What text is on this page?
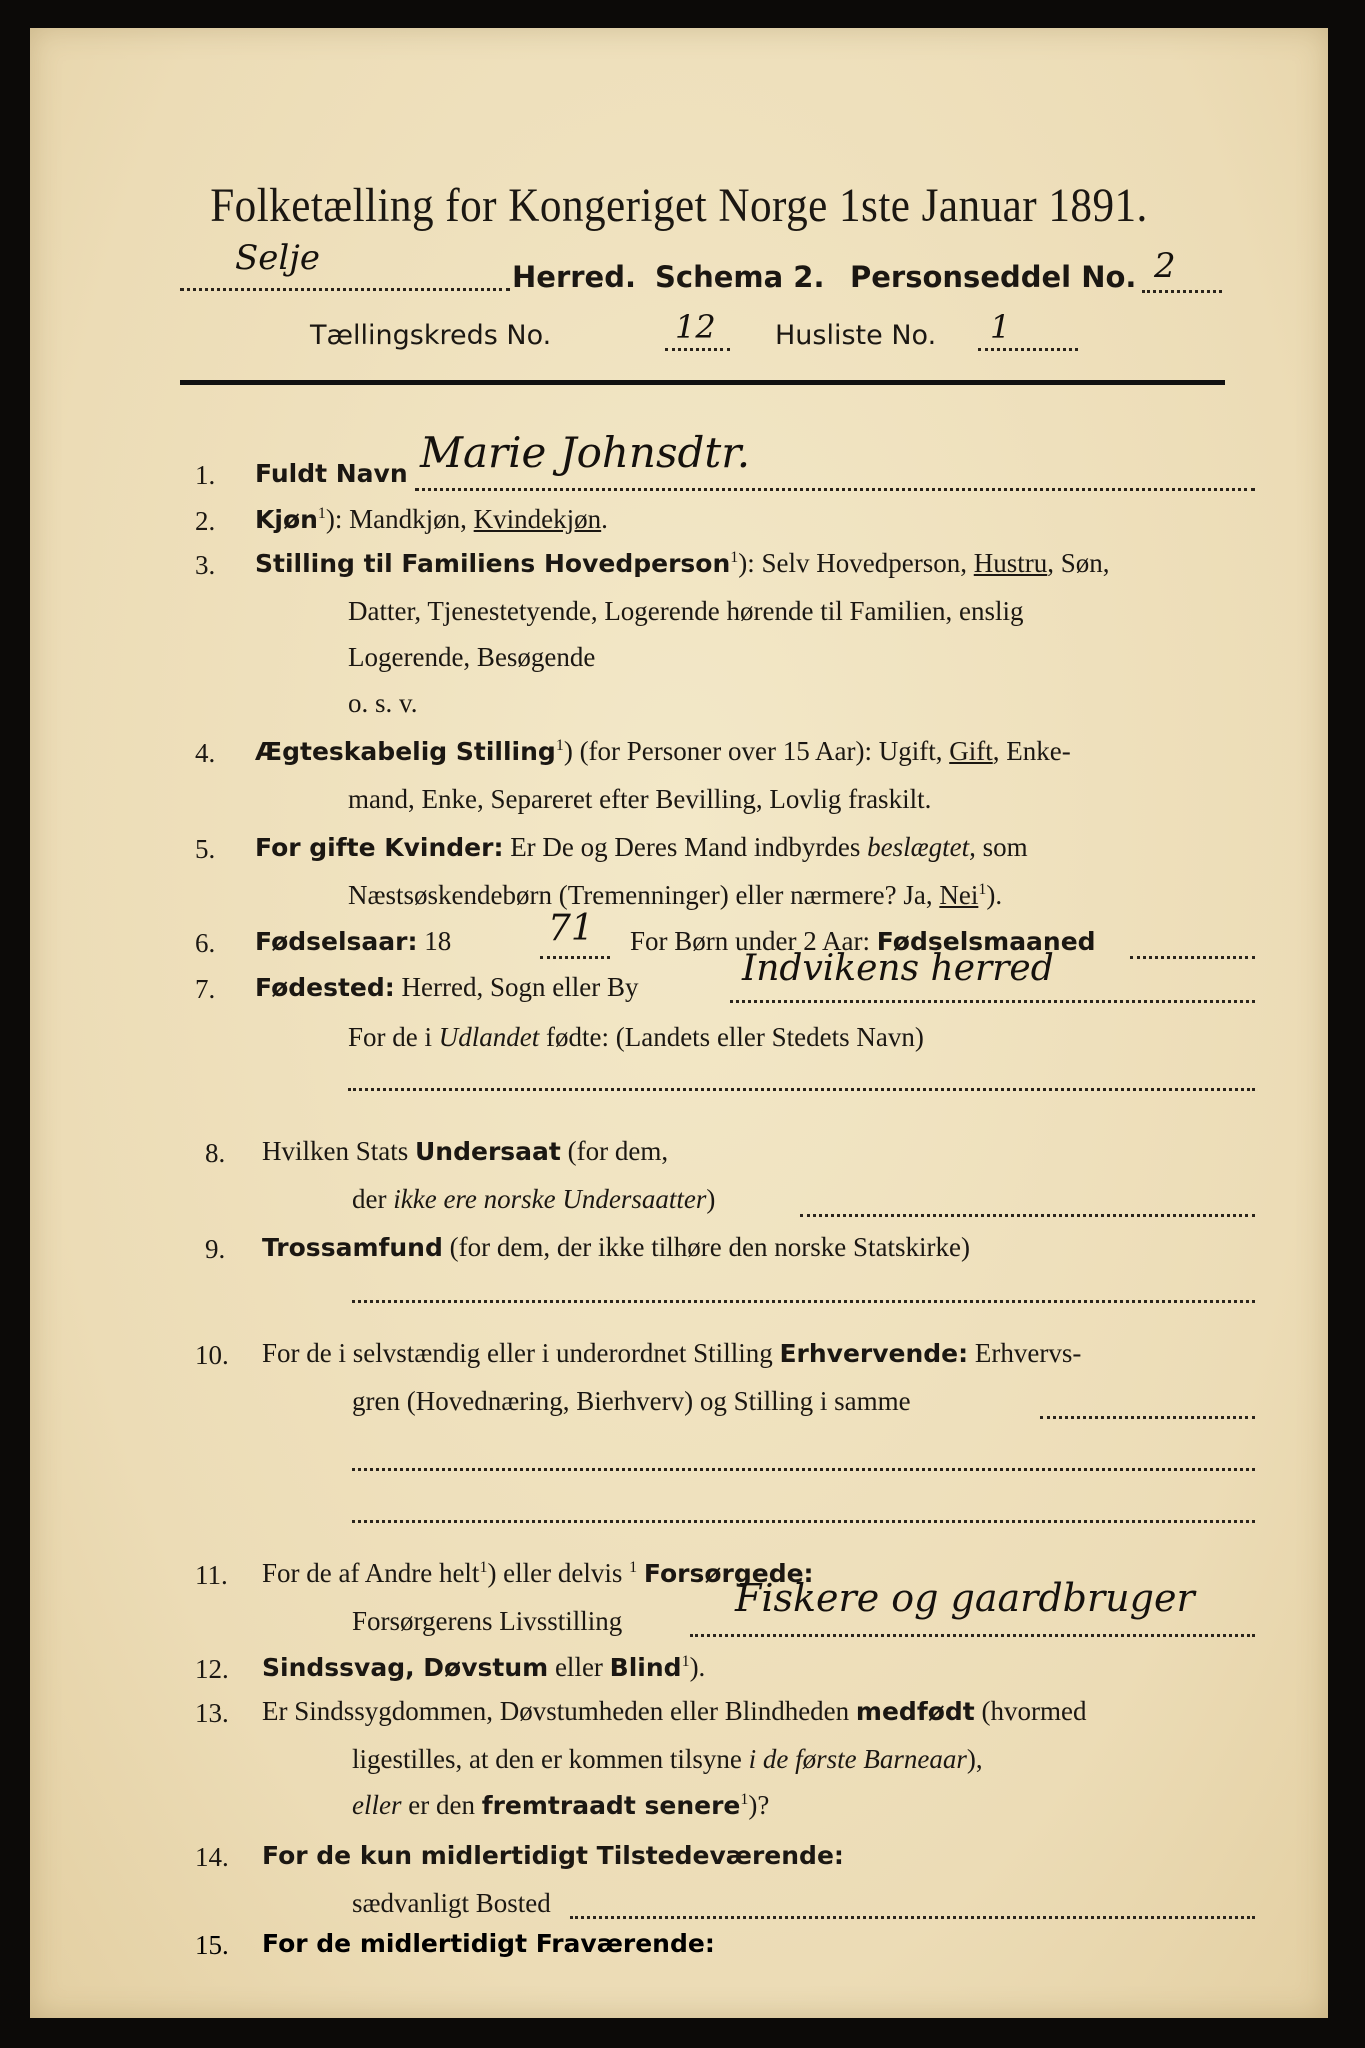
Folketælling for Kongeriget Norge 1ste Januar 1891.
Selje	Herred. Schema 2. Personseddel No. 2
Tællingskreds No.	12 Husliste No. 1
1. Fuldt Navn Marie Johnsdtr.
2. Kjøn$^1$): Mandkjøn, Kvindekjøn.
3. Stilling til Familiens Hovedperson$^1$): Selv Hovedperson, Hustru, Søn,
Datter, Tjenestetyende, Logerende hørende til Familien, enslig
Logerende, Besøgende
o. s. v.
4. Ægteskabelig Stilling$^1$) (for Personer over 15 Aar): Ugift, Gift, Enke-
mand, Enke, Separeret efter Bevilling, Lovlig fraskilt.
5. For gifte Kvinder: Er De og Deres Mand indbyrdes beslægtet, som
Næstsøskendebørn (Tremenninger) eller nærmere? Ja, Nei$^1$).
6. Fødselsaar: 18	71 For Børn under 2 Aar: Fødselsmaaned
7. Fødested: Herred, Sogn eller By	Indvikens herred
For de i Udlandet fødte: (Landets eller Stedets Navn)
8. Hvilken Stats Undersaat (for dem,
der ikke ere norske Undersaatter)
9. Trossamfund (for dem, der ikke tilhøre den norske Statskirke)
10. For de i selvstændig eller i underordnet Stilling Erhvervende: Erhvervs-
gren (Hovednæring, Bierhverv) og Stilling i samme
11. For de af Andre helt$^1$) eller delvis $^1$ Forsørgede:
Forsørgerens Livsstilling
Fiskere og gaardbruger
12. Sindssvag, Døvstum eller Blind$^1$).
13. Er Sindssygdommen, Døvstumheden eller Blindheden medfødt (hvormed
ligestilles, at den er kommen tilsyne i de første Barneaar),
eller er den fremtraadt senere$^1$)?
14. For de kun midlertidigt Tilstedeværende:
sædvanligt Bosted
15. For de midlertidigt Fraværende:
